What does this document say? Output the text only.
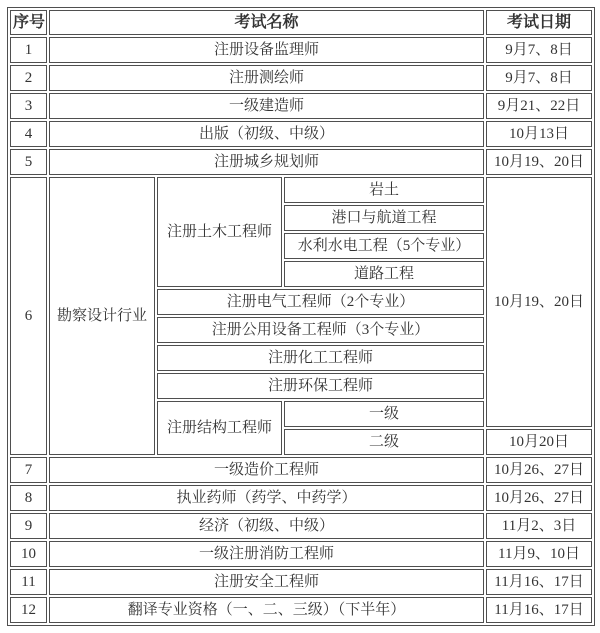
序号	考试名称			考试日期
1	注册设备监理师			9月7、8日
2	注册测绘师			9月7、8日
3	一级建造师			9月21、22日
4	出版（初级、中级）			10月13日
5	注册城乡规划师			10月19、20日
6	勘察设计行业	注册土木工程师	岩土	10月19、20日
			港口与航道工程	
			水利水电工程（5个专业）	
			道路工程	
		注册电气工程师（2个专业）		
		注册公用设备工程师（3个专业）		
		注册化工工程师		
		注册环保工程师		
		注册结构工程师	一级	
			二级	10月20日
7	一级造价工程师			10月26、27日
8	执业药师（药学、中药学）			10月26、27日
9	经济（初级、中级）			11月2、3日
10	一级注册消防工程师			11月9、10日
11	注册安全工程师			11月16、17日
12	翻译专业资格（一、二、三级）（下半年）			11月16、17日
